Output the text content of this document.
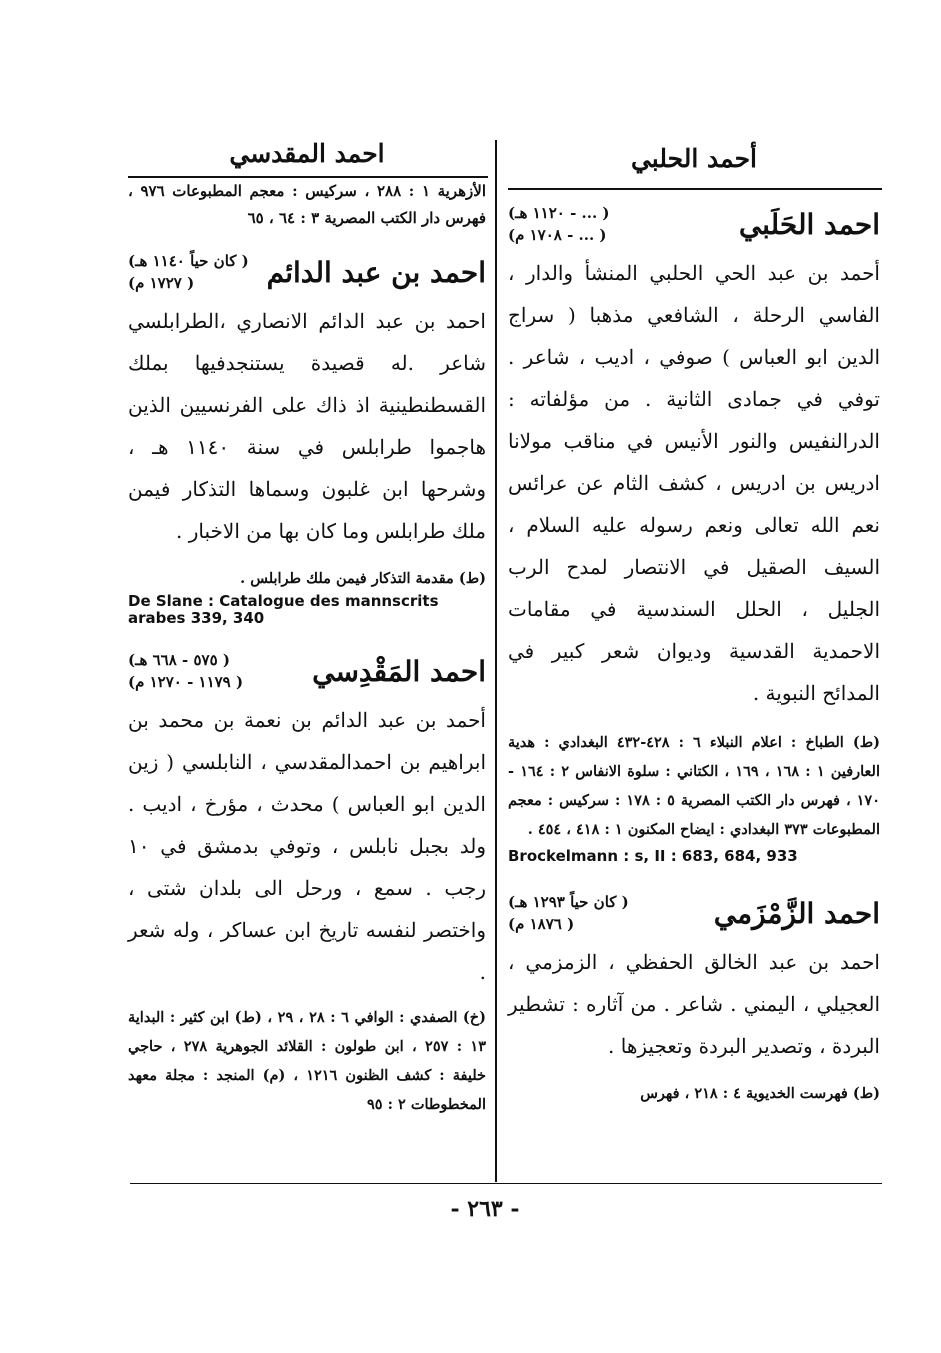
أحمد الحلبي
احمد الحَلَبي
( ... - ١١٢٠ هـ)
( ... - ١٧٠٨ م)
أحمد بن عبد الحي الحلبي المنشأ والدار ، الفاسي الرحلة ، الشافعي مذهبا ( سراج الدين ابو العباس ) صوفي ، اديب ، شاعر . توفي في جمادى الثانية . من مؤلفاته : الدرالنفيس والنور الأنيس في مناقب مولانا ادريس بن ادريس ، كشف الثام عن عرائس نعم الله تعالى ونعم رسوله عليه السلام ، السيف الصقيل في الانتصار لمدح الرب الجليل ، الحلل السندسية في مقامات الاحمدية القدسية وديوان شعر كبير في المدائح النبوية .
(ط) الطباخ : اعلام النبلاء ٦ : ٤٢٨-٤٣٢ البغدادي : هدية العارفين ١ : ١٦٨ ، ١٦٩ ، الكتاني : سلوة الانفاس ٢ : ١٦٤ - ١٧٠ ، فهرس دار الكتب المصرية ٥ : ١٧٨ : سركيس : معجم المطبوعات ٣٧٣ البغدادي : ايضاح المكنون ١ : ٤١٨ ، ٤٥٤ .
Brockelmann : s, II : 683, 684, 933
احمد الزَّمْزَمي
( كان حياً ١٢٩٣ هـ)
( ١٨٧٦ م)
احمد بن عبد الخالق الحفظي ، الزمزمي ، العجيلي ، اليمني . شاعر . من آثاره : تشطير البردة ، وتصدير البردة وتعجيزها .
(ط) فهرست الخديوية ٤ : ٢١٨ ، فهرس
احمد المقدسي
الأزهرية ١ : ٢٨٨ ، سركيس : معجم المطبوعات ٩٧٦ ، فهرس دار الكتب المصرية ٣ : ٦٤ ، ٦٥
احمد بن عبد الدائم
( كان حياً ١١٤٠ هـ)
( ١٧٢٧ م)
احمد بن عبد الدائم الانصاري ،الطرابلسي شاعر .له قصيدة يستنجدفيها بملك القسطنطينية اذ ذاك على الفرنسيين الذين هاجموا طرابلس في سنة ١١٤٠ هـ ، وشرحها ابن غلبون وسماها التذكار فيمن ملك طرابلس وما كان بها من الاخبار .
(ط) مقدمة التذكار فيمن ملك طرابلس .
De Slane : Catalogue des mannscrits arabes 339, 340
احمد المَقْدِسي
( ٥٧٥ - ٦٦٨ هـ)
( ١١٧٩ - ١٢٧٠ م)
أحمد بن عبد الدائم بن نعمة بن محمد بن ابراهيم بن احمدالمقدسي ، النابلسي ( زين الدين ابو العباس ) محدث ، مؤرخ ، اديب . ولد بجبل نابلس ، وتوفي بدمشق في ١٠ رجب . سمع ، ورحل الى بلدان شتى ، واختصر لنفسه تاريخ ابن عساكر ، وله شعر .
(خ) الصفدي : الوافي ٦ : ٢٨ ، ٢٩ ، (ط) ابن كثير : البداية ١٣ : ٢٥٧ ، ابن طولون : القلائد الجوهرية ٢٧٨ ، حاجي خليفة : كشف الظنون ١٢١٦ ، (م) المنجد : مجلة معهد المخطوطات ٢ : ٩٥
- ٢٦٣ -
